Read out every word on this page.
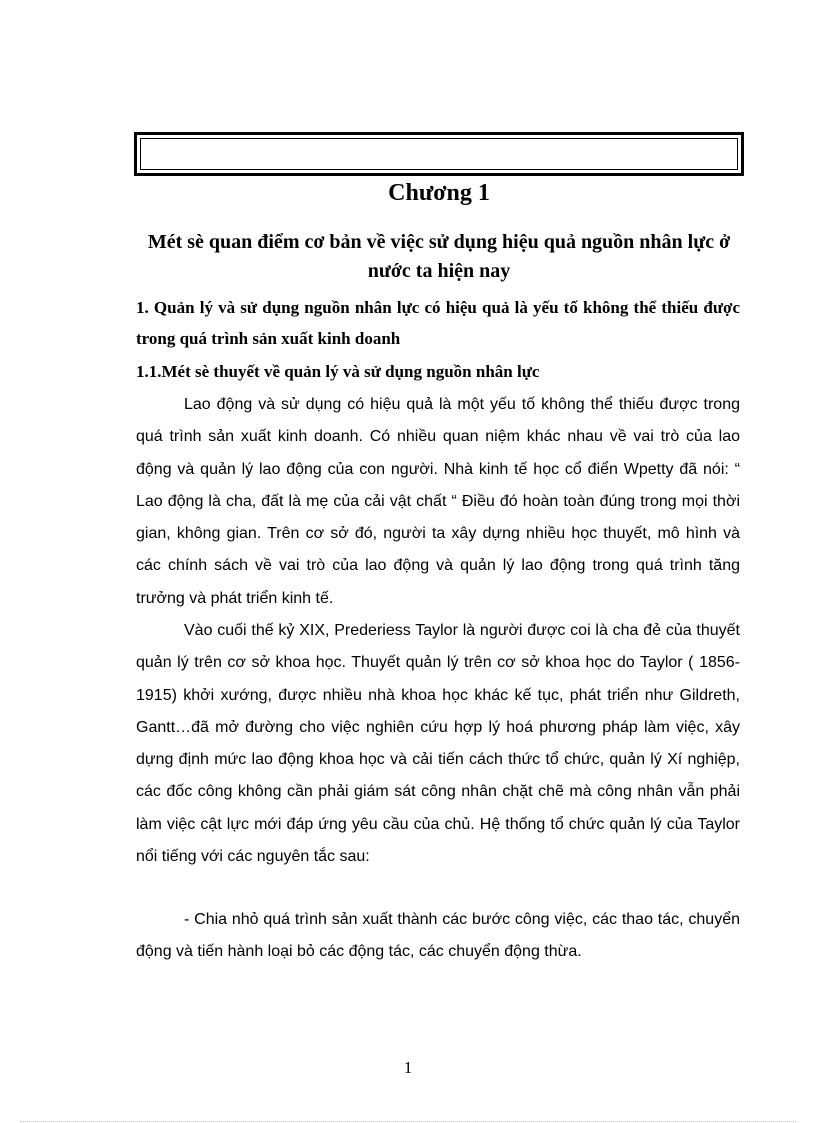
Chương 1
Mét sè quan điểm cơ bản về việc sử dụng hiệu quả nguồn nhân lực ở nước ta hiện nay
1. Quản lý và sử dụng nguồn nhân lực có hiệu quả là yếu tố không thể thiếu được trong quá trình sản xuất kinh doanh
1.1.Mét sè thuyết về quản lý và sử dụng nguồn nhân lực

Lao động và sử dụng có hiệu quả là một yếu tố không thể thiếu được trong quá trình sản xuất kinh doanh. Có nhiều quan niệm khác nhau về vai trò của lao động và quản lý lao động của con người. Nhà kinh tế học cổ điển Wpetty đã nói: “ Lao động là cha, đất là mẹ của cải vật chất “ Điều đó hoàn toàn đúng trong mọi thời gian, không gian. Trên cơ sở đó, người ta xây dựng nhiều học thuyết, mô hình và các chính sách về vai trò của lao động và quản lý lao động trong quá trình tăng trưởng và phát triển kinh tế.

Vào cuối thế kỷ XIX, Prederiess Taylor là người được coi là cha đẻ của thuyết quản lý trên cơ sở khoa học. Thuyết quản lý trên cơ sở khoa học do Taylor ( 1856-1915) khởi xướng, được nhiều nhà khoa học khác kế tục, phát triển như Gildreth, Gantt…đã mở đường cho việc nghiên cứu hợp lý hoá phương pháp làm việc, xây dựng định mức lao động khoa học và cải tiến cách thức tổ chức, quản lý Xí nghiệp, các đốc công không cần phải giám sát công nhân chặt chẽ mà công nhân vẫn phải làm việc cật lực mới đáp ứng yêu cầu của chủ. Hệ thống tổ chức quản lý của Taylor nổi tiếng với các nguyên tắc sau:

- Chia nhỏ quá trình sản xuất thành các bước công việc, các thao tác, chuyển động và tiến hành loại bỏ các động tác, các chuyển động thừa.

1
